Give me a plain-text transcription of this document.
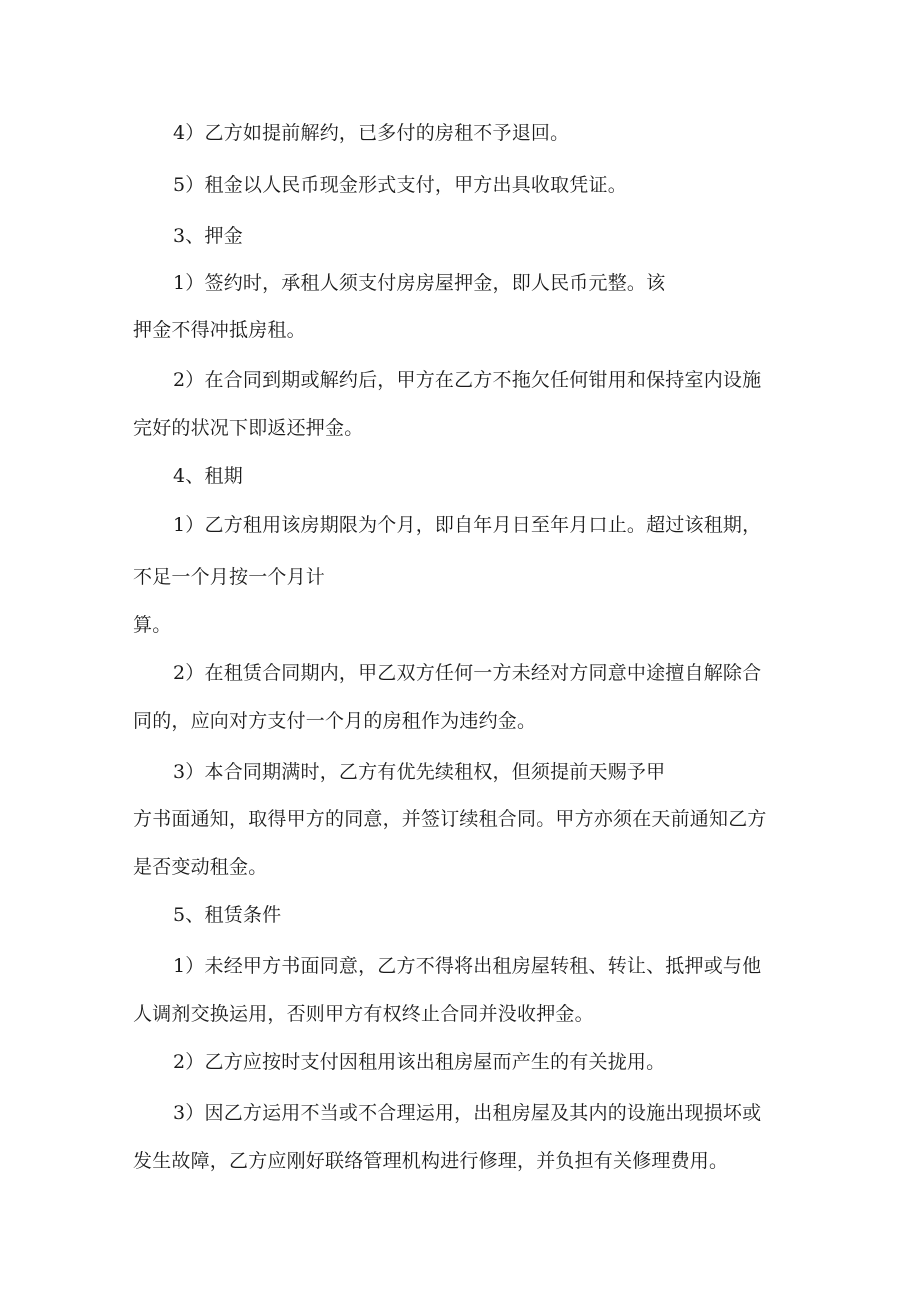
4）乙方如提前解约，已多付的房租不予退回。

5）租金以人民币现金形式支付，甲方出具收取凭证。

3、押金

1）签约时，承租人须支付房房屋押金，即人民币元整。该

押金不得冲抵房租。

2）在合同到期或解约后，甲方在乙方不拖欠任何钳用和保持室内设施

完好的状况下即返还押金。

4、租期

1）乙方租用该房期限为个月，即自年月日至年月口止。超过该租期，

不足一个月按一个月计

算。

2）在租赁合同期内，甲乙双方任何一方未经对方同意中途擅自解除合

同的，应向对方支付一个月的房租作为违约金。

3）本合同期满时，乙方有优先续租权，但须提前天赐予甲

方书面通知，取得甲方的同意，并签订续租合同。甲方亦须在天前通知乙方

是否变动租金。

5、租赁条件

1）未经甲方书面同意，乙方不得将出租房屋转租、转让、抵押或与他

人调剂交换运用，否则甲方有权终止合同并没收押金。

2）乙方应按时支付因租用该出租房屋而产生的有关拢用。

3）因乙方运用不当或不合理运用，出租房屋及其内的设施出现损坏或

发生故障，乙方应刚好联络管理机构进行修理，并负担有关修理费用。
